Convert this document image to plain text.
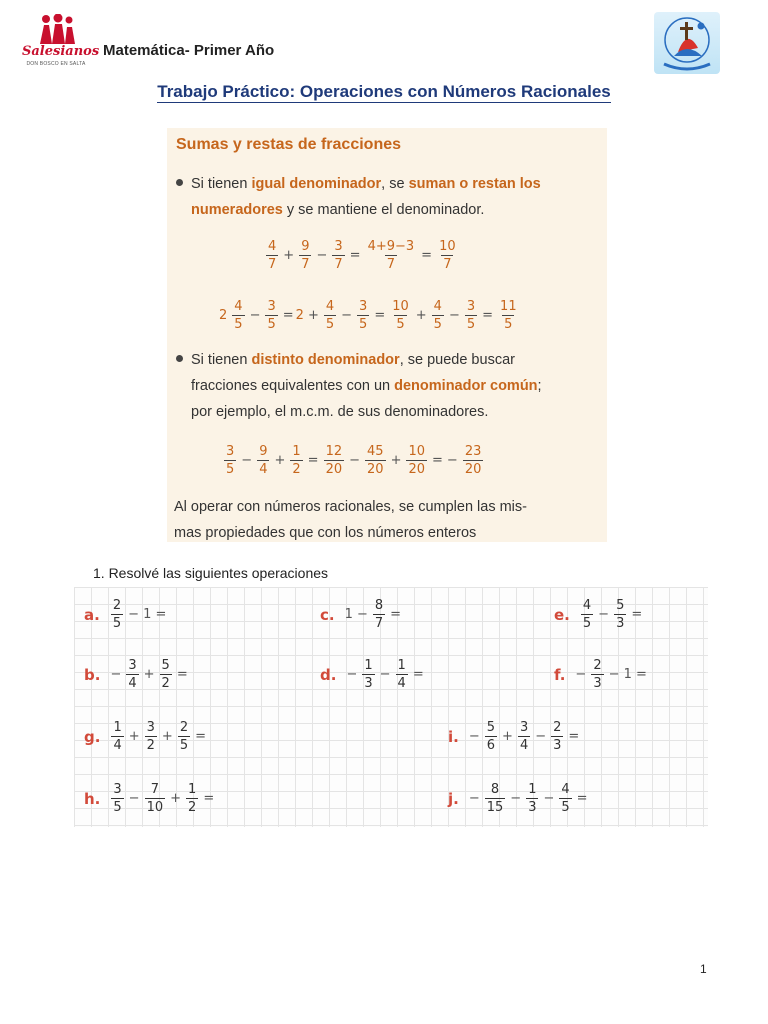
Salesianos
DON BOSCO EN SALTA
Matemática- Primer Año
Trabajo Práctico: Operaciones con Números Racionales
Sumas y restas de fracciones
Si tienen igual denominador, se suman o restan los
numeradores y se mantiene el denominador.
$\frac{4}{7} + \frac{9}{7} - \frac{3}{7} = \frac{4+9-3}{7} = \frac{10}{7}$
$2 \frac{4}{5} - \frac{3}{5} = 2 + \frac{4}{5} - \frac{3}{5} = \frac{10}{5} + \frac{4}{5} - \frac{3}{5} = \frac{11}{5}$
Si tienen distinto denominador, se puede buscar
fracciones equivalentes con un denominador común;
por ejemplo, el m.c.m. de sus denominadores.
$\frac{3}{5} - \frac{9}{4} + \frac{1}{2} = \frac{12}{20} - \frac{45}{20} + \frac{10}{20}$ = − $\frac{23}{20}$
Al operar con números racionales, se cumplen las mis-
mas propiedades que con los números enteros
1. Resolvé las siguientes operaciones
a. $\frac{2}{5} - 1$ =	c. $1 - \frac{8}{7}$ =	e. $\frac{4}{5} - \frac{5}{3}$ =
b. − $\frac{3}{4} + \frac{5}{2}$ =	d. − $\frac{1}{3} - \frac{1}{4}$ =	f. − $\frac{2}{3} - 1$ =
g. $\frac{1}{4} + \frac{3}{2} + \frac{2}{5}$ =	i. − $\frac{5}{6} + \frac{3}{4} - \frac{2}{3}$ =
h. $\frac{3}{5} - \frac{7}{10} + \frac{1}{2}$ =	j. − $\frac{8}{15} - \frac{1}{3} - \frac{4}{5}$ =
1
